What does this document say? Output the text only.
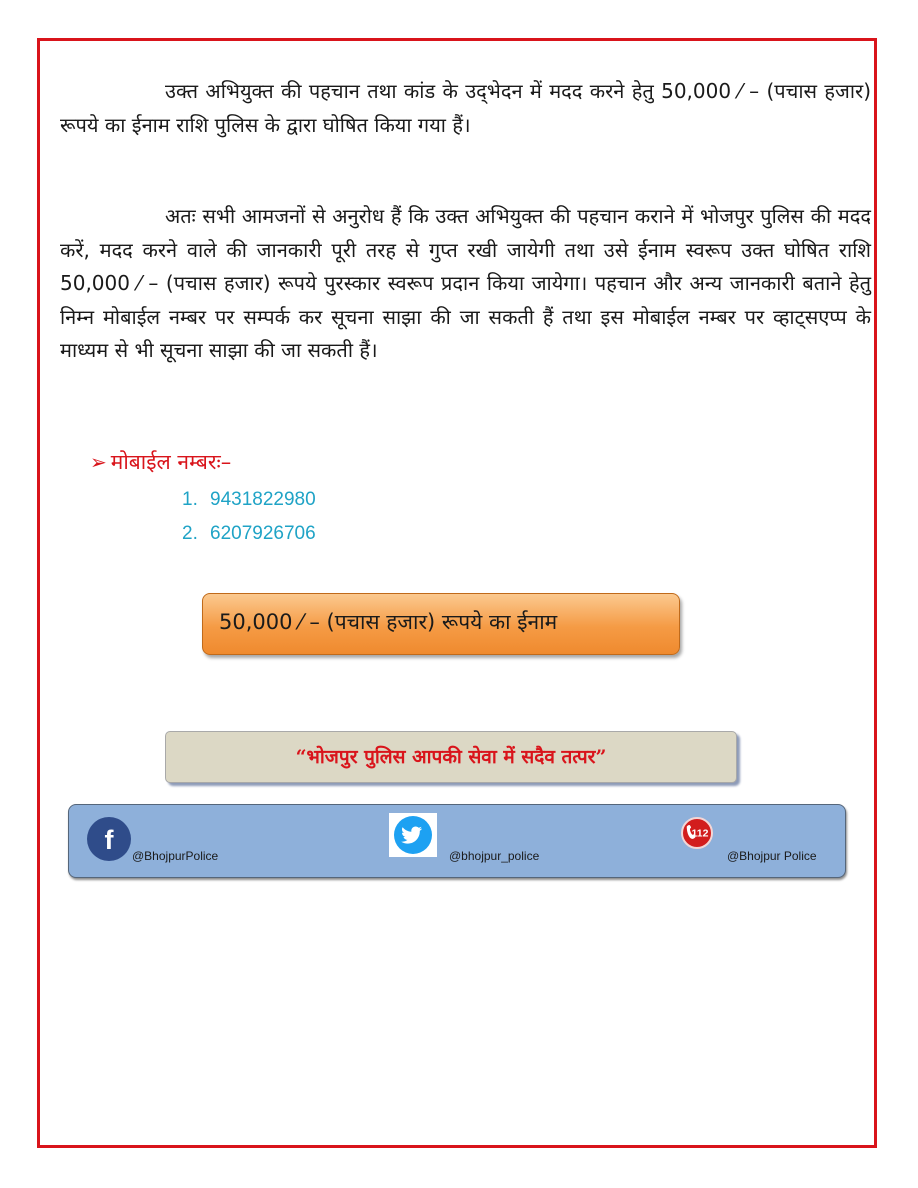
उक्त अभियुक्त की पहचान तथा कांड के उद्‌भेदन में मदद करने हेतु 50,000 ⁄ – (पचास हजार) रूपये का ईनाम राशि पुलिस के द्वारा घोषित किया गया हैं।

अतः सभी आमजनों से अनुरोध हैं कि उक्त अभियुक्त की पहचान कराने में भोजपुर पुलिस की मदद करें, मदद करने वाले की जानकारी पूरी तरह से गुप्त रखी जायेगी तथा उसे ईनाम स्वरूप उक्त घोषित राशि 50,000 ⁄ – (पचास हजार) रूपये पुरस्कार स्वरूप प्रदान किया जायेगा। पहचान और अन्य जानकारी बताने हेतु निम्न मोबाईल नम्बर पर सम्पर्क कर सूचना साझा की जा सकती हैं तथा इस मोबाईल नम्बर पर व्हाट्सएप्प के माध्यम से भी सूचना साझा की जा सकती हैं।

➢ मोबाईल नम्बरः–
1. 9431822980
2. 6207926706
50,000 ⁄ – (पचास हजार) रूपये का ईनाम
“भोजपुर पुलिस आपकी सेवा में सदैव तत्पर”
f
@BhojpurPolice	@bhojpur_police
112
@Bhojpur Police
